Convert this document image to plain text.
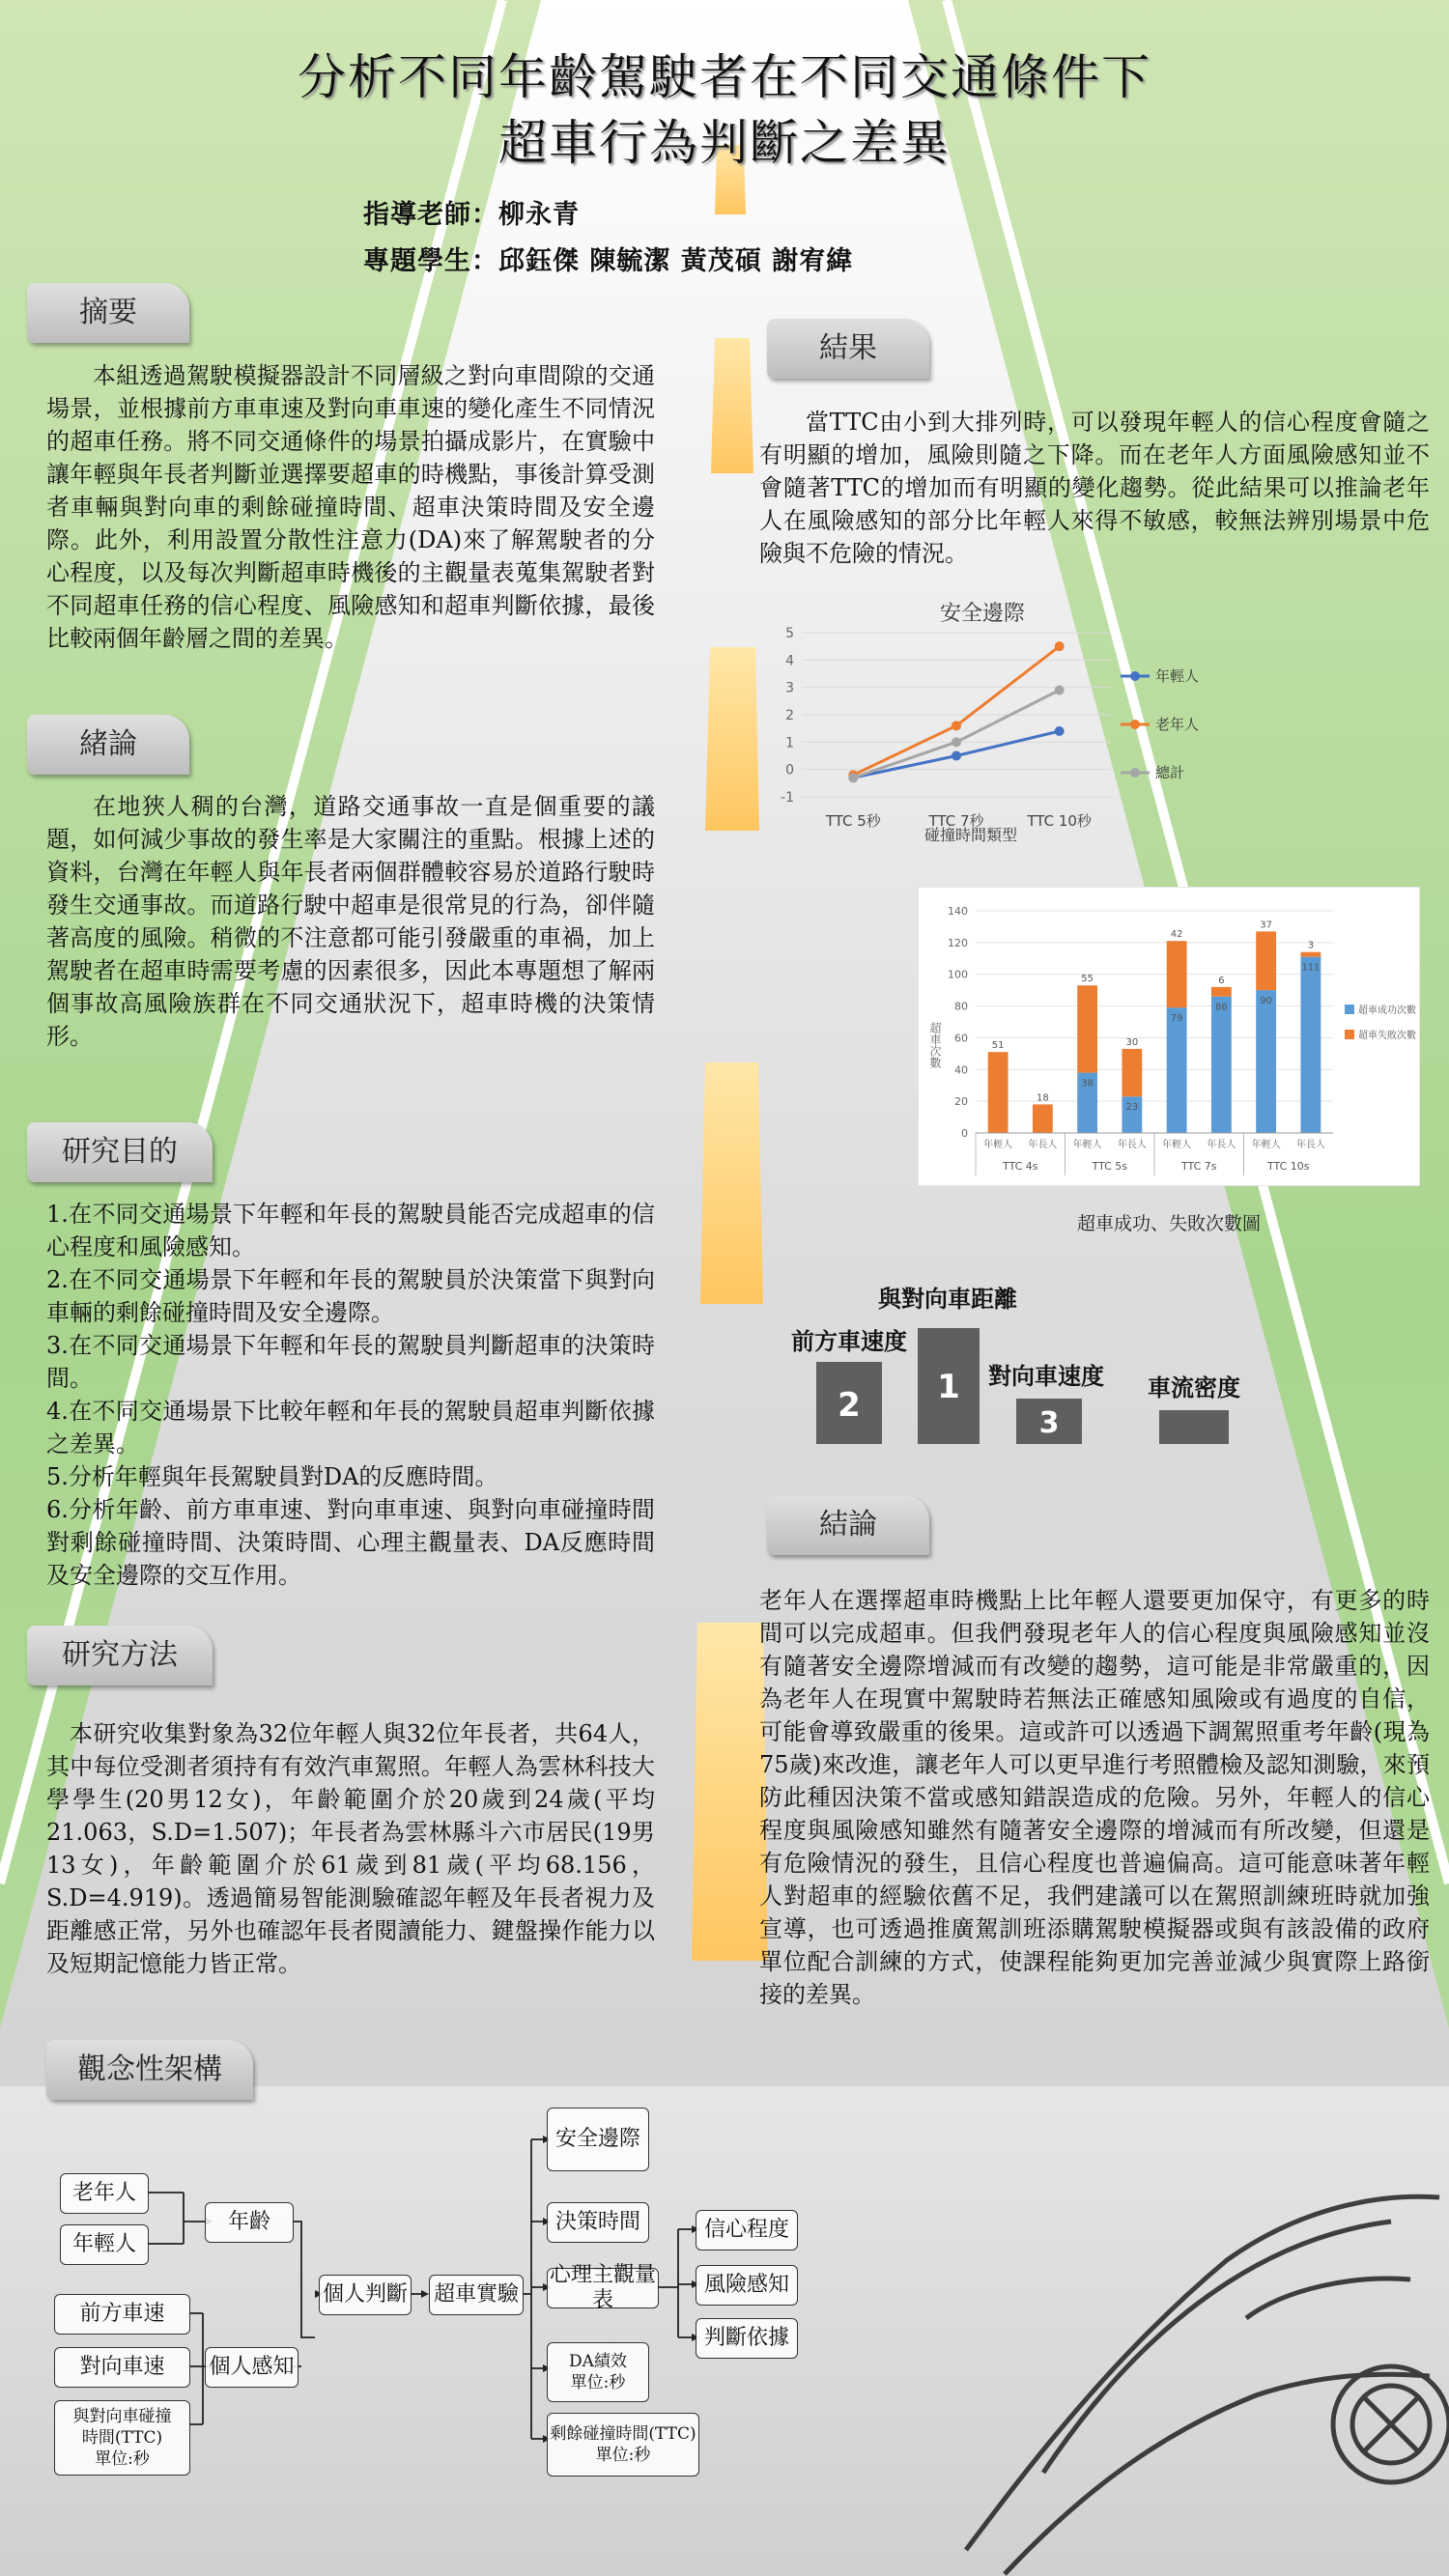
分析不同年齡駕駛者在不同交通條件下
超車行為判斷之差異
指導老師：柳永青
專題學生：邱鈺傑 陳毓潔 黃茂碩 謝宥緯
摘要

本組透過駕駛模擬器設計不同層級之對向車間隙的交通場景，並根據前方車車速及對向車車速的變化產生不同情況的超車任務。將不同交通條件的場景拍攝成影片，在實驗中讓年輕與年長者判斷並選擇要超車的時機點，事後計算受測者車輛與對向車的剩餘碰撞時間、超車決策時間及安全邊際。此外，利用設置分散性注意力(DA)來了解駕駛者的分心程度，以及每次判斷超車時機後的主觀量表蒐集駕駛者對不同超車任務的信心程度、風險感知和超車判斷依據，最後比較兩個年齡層之間的差異。

緒論

在地狹人稠的台灣，道路交通事故一直是個重要的議題，如何減少事故的發生率是大家關注的重點。根據上述的資料，台灣在年輕人與年長者兩個群體較容易於道路行駛時發生交通事故。而道路行駛中超車是很常見的行為，卻伴隨著高度的風險。稍微的不注意都可能引發嚴重的車禍，加上駕駛者在超車時需要考慮的因素很多，因此本專題想了解兩個事故高風險族群在不同交通狀況下，超車時機的決策情形。

研究目的
1.在不同交通場景下年輕和年長的駕駛員能否完成超車的信心程度和風險感知。
2.在不同交通場景下年輕和年長的駕駛員於決策當下與對向車輛的剩餘碰撞時間及安全邊際。
3.在不同交通場景下年輕和年長的駕駛員判斷超車的決策時間。
4.在不同交通場景下比較年輕和年長的駕駛員超車判斷依據之差異。
5.分析年輕與年長駕駛員對DA的反應時間。
6.分析年齡、前方車車速、對向車車速、與對向車碰撞時間對剩餘碰撞時間、決策時間、心理主觀量表、DA反應時間及安全邊際的交互作用。
研究方法

本研究收集對象為32位年輕人與32位年長者，共64人，其中每位受測者須持有有效汽車駕照。年輕人為雲林科技大學學生(20男12女)，年齡範圍介於20歲到24歲(平均21.063，S.D=1.507)；年長者為雲林縣斗六市居民(19男13女)，年齡範圍介於61歲到81歲(平均68.156，S.D=4.919)。透過簡易智能測驗確認年輕及年長者視力及距離感正常，另外也確認年長者閱讀能力、鍵盤操作能力以及短期記憶能力皆正常。

觀念性架構
老年人
年輕人
年齡
前方車速
對向車速
與對向車碰撞
時間(TTC)
單位:秒
個人感知
個人判斷 超車實驗
安全邊際
決策時間
心理主觀量表
DA績效
單位:秒
剩餘碰撞時間(TTC)
單位:秒
信心程度
風險感知
判斷依據
結果

當TTC由小到大排列時，可以發現年輕人的信心程度會隨之有明顯的增加，風險則隨之下降。而在老年人方面風險感知並不會隨著TTC的增加而有明顯的變化趨勢。從此結果可以推論老年人在風險感知的部分比年輕人來得不敏感，較無法辨別場景中危險與不危險的情況。

安全邊際
碰撞時間類型
-1
0
1
2
3
4
5
TTC 5秒	TTC 7秒	TTC 10秒
年輕人
老年人
總計
0
20
40
60
80
100
120
140
超車次數	51
年輕人
18
年長人
38
55
年輕人
23
30
年長人
79
42
年輕人
86
6
年長人
90
37
年輕人
111
3
年長人
TTC 4s	TTC 5s	TTC 7s	TTC 10s
超車成功次數
超車失敗次數
超車成功、失敗次數圖
與對向車距離
前方車速度
對向車速度 車流密度
1
2	3
結論

老年人在選擇超車時機點上比年輕人還要更加保守，有更多的時間可以完成超車。但我們發現老年人的信心程度與風險感知並沒有隨著安全邊際增減而有改變的趨勢，這可能是非常嚴重的，因為老年人在現實中駕駛時若無法正確感知風險或有過度的自信，可能會導致嚴重的後果。這或許可以透過下調駕照重考年齡(現為75歲)來改進，讓老年人可以更早進行考照體檢及認知測驗，來預防此種因決策不當或感知錯誤造成的危險。另外，年輕人的信心程度與風險感知雖然有隨著安全邊際的增減而有所改變，但還是有危險情況的發生，且信心程度也普遍偏高。這可能意味著年輕人對超車的經驗依舊不足，我們建議可以在駕照訓練班時就加強宣導，也可透過推廣駕訓班添購駕駛模擬器或與有該設備的政府單位配合訓練的方式，使課程能夠更加完善並減少與實際上路銜接的差異。
